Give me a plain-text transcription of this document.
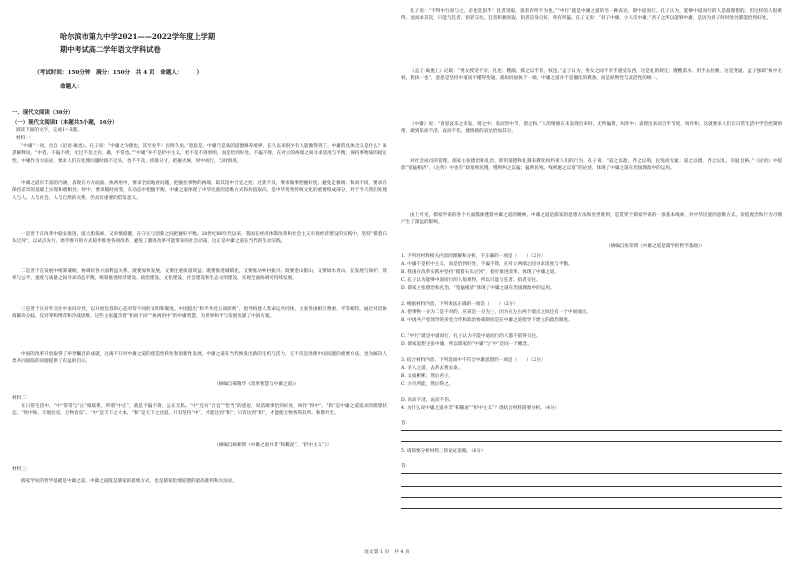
哈尔滨市第九中学2021——2022学年度上学期
期中考试高二学年语文学科试卷
（考试时间：150分钟　满分：150分　共 4 页　命题人：　　　）
命题人：
一、现代文阅读（36分）
（一）现代文阅读Ⅰ（本题共5小题，16分）
阅读下面的文字，完成1～5题。
材料一：

“中庸”一词，出自《论语·雍也》。孔子说：“中庸之为德也，其至矣乎！民鲜久矣。”意思是，中庸乃是高的道德修养境界，长久以来很少有人能做得到了。中庸的具体含义是什么？朱熹解释说，“中者，不偏不倚，无过不及之名；庸，平常也。”“中庸”并不是折中主义，更不是不讲原则，而是恰到好处、不偏不倚，在对立的两端之间寻求适度与平衡，保持事物质的稳定性。中庸作为方法论，要求人们在处理问题时既不过头，也不不及，找准分寸，把握火候，时中而行，与时俱进。

中庸之道有丰富的内涵，表现在方方面面。执两用中，要求全面地看问题，把握住事物的两端，取其适中合宜之处；过犹不及，要求做事把握好度，避免走极端；和而不同，要求在保持差异的基础上实现和谐相处；时中，要求随时而变，在动态中把握平衡。中庸之道体现了中华民族的思维方式和价值取向，是中华优秀传统文化的重要组成部分，对于今天我们处理人与人、人与社会、人与自然的关系，仍具有重要的借鉴意义。

一是善于在改革中稳妥推进，既大胆探索，又审慎稳健，在守正与创新之间把握好平衡。20世纪80年代以来，我国在经济体制改革和社会主义市场经济建设的实践中，坚持“摸着石头过河”，以试点先行、逐步推开的方式稳步推进各项改革，避免了激进改革可能带来的社会动荡，这正是中庸之道在当代的生动实践。

二是善于在发展中统筹兼顾，协调好各方面利益关系。既要加快发展，又要注重质量效益；既要推进城镇化，又要推动乡村振兴；既要金山银山，又要绿水青山。在发展与保护、效率与公平、速度与质量之间寻求动态平衡，统筹推进经济建设、政治建设、文化建设、社会建设和生态文明建设，实现全面协调可持续发展。

三是善于在对外交往中求同存异，以开放包容的心态对待不同的文明和制度。中国提出“和平共处五项原则”，倡导构建人类命运共同体，主张各国相互尊重、平等相待，通过对话协商解决分歧，反对零和博弈和冷战思维，这些主张蕴含着“和而不同”“执两用中”的中庸智慧，为世界和平与发展贡献了中国方案。

中国的改革开放取得了举世瞩目的成就，这离不开对中庸之道的创造性转化和创新性发展。中庸之道在当代焕发出新的生机与活力，它不仅是处理中国问题的重要方法，也为解决人类共同面临的问题提供了有益的启示。

（摘编自郝敬华《改革智慧与中庸之道》）
材料二：

在日常生活中，“中”常常与“正”相联系，所谓“中正”，就是不偏不倚、公正无私。“中”还有“合宜”“恰当”的意思，说话做事恰到好处，叫作“得中”。“和”是中庸之道追求的理想状态，“致中和，天地位焉，万物育焉”。“中”是天下之大本，“和”是天下之达道。只有坚持“中”，才能达到“和”；只有达到“和”，才能使万物各得其所、和谐共生。

（摘编自杨朝明《中庸之道并非“和稀泥”、“折中主义”》）
材料三：

儒家学说的哲学基础是中庸之道，中庸之道既是儒家的思维方式，也是儒家伦理道德的最高准则和方法论。

孔子说：“不得中行而与之，必也狂狷乎！狂者进取，狷者有所不为也。”“中行”就是中庸之道的另一种表达，即中道而行。孔子认为，能够中道而行的人是最理想的，但这样的人很难得，退而求其次，只能与狂者、狷者交往。狂者积极进取，狷者洁身自好，各有所偏。孔子又说：“君子中庸，小人反中庸。”君子之所以能够中庸，是因为君子时时处处都能恰到好处。

《孟子·离娄上》记载：“男女授受不亲，礼也；嫂溺，援之以手者，权也。”孟子认为，男女之间不亲手递受东西，这是礼的规定；嫂嫂落水，用手去拉她，这是变通。孟子强调“执中无权，犹执一也”，意思是坚持中道而不懂得变通，就如同固执于一端。中庸之道并不是僵化的教条，而是原则性与灵活性的统一。

《中庸》说：“喜怒哀乐之未发，谓之中；发而皆中节，谓之和。”人的情感在未表现出来时，无所偏倚，叫作中；表现出来而合乎节度，叫作和。这就要求人们在日常生活中学会控制情绪，做到乐而不淫、哀而不伤，使情感的表达恰如其分。

对社会成员的管理，儒家主张德治和礼治，即用道德和礼制来教化和约束人们的行为。孔子说：“道之以政，齐之以刑，民免而无耻；道之以德，齐之以礼，有耻且格。”《论语》中提倡“宽猛相济”，《左传》中也有“政宽则民慢，慢则纠之以猛；猛则民残，残则施之以宽”的论述，体现了中庸之道在治国理政中的运用。

由上可见，儒家学说的各个方面都渗透着中庸之道的精神。中庸之道是儒家的思想方法和处世准则，是贯穿于儒家学说的一条基本线索，对中华民族的思维方式、价值观念和行为习惯产生了深远的影响。

（摘编自张荣明《中庸之道是儒学的哲学基础》）
1. 下列对材料相关内容的理解和分析，不正确的一项是（　　）（2分）
A. 中庸不是折中主义，而是恰到好处、不偏不倚，在对立两端之间寻求适度与平衡。
B. 我国在改革实践中坚持“摸着石头过河”，稳步推进改革，体现了中庸之道。
C. 孔子认为能够中道而行的人很难得，所以只能与狂者、狷者交往。
D. 儒家主张德治和礼治，“宽猛相济”体现了中庸之道在治国理政中的运用。
2. 根据材料内容，下列说法正确的一项是（　　）（2分）
A. 把事物一分为二是不对的，应该是一分为三，因为在左右两个端点之间还有一个中间端点。
B. 中国共产党领导的多党合作和政治协商制度是在中庸之道指导下建立的政治制度。
C. “中行”就是中道而行，孔子认为不能中道而行的人都不值得交往。
D. 儒家思想主张中庸，所以儒家的“中庸”与“中”是同一个概念。
3. 结合材料内容，下列选项中不符合中庸思想的一项是（　　）（2分）
A. 圣人之道，去甚去奢去泰。
B. 文质彬彬，然后君子。
C. 力尽所能，然后得之。
D. 乐而不淫，哀而不伤。
4. 为什么说中庸之道并非“和稀泥”“折中主义”？请结合材料简要分析。（4分）
答：
5. 请简要分析材料三的论证思路。（6分）
答：
语文第 1 页　共 4 页
